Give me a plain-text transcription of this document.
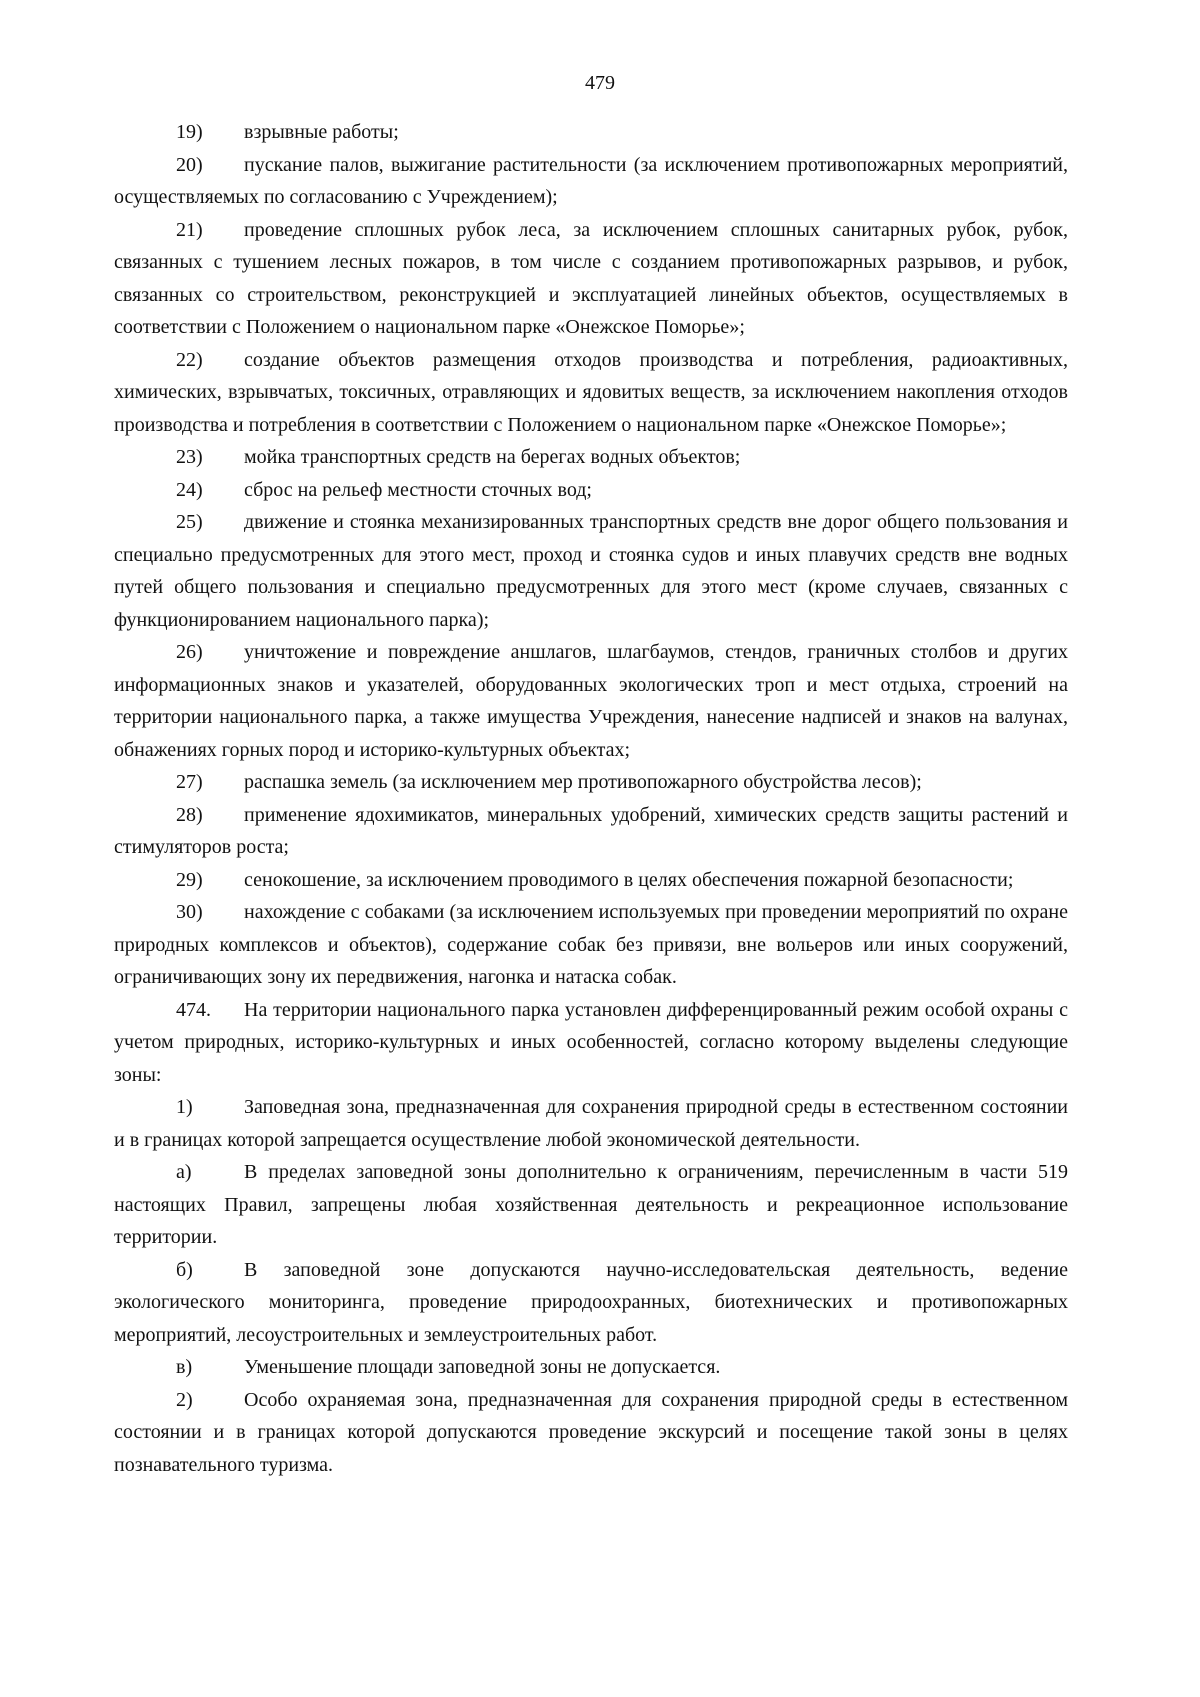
479

19) взрывные работы;

20) пускание палов, выжигание растительности (за исключением противопожарных мероприятий, осуществляемых по согласованию с Учреждением);

21) проведение сплошных рубок леса, за исключением сплошных санитарных рубок, рубок, связанных с тушением лесных пожаров, в том числе с созданием противопожарных разрывов, и рубок, связанных со строительством, реконструкцией и эксплуатацией линейных объектов, осуществляемых в соответствии с Положением о национальном парке «Онежское Поморье»;

22) создание объектов размещения отходов производства и потребления, радиоактивных, химических, взрывчатых, токсичных, отравляющих и ядовитых веществ, за исключением накопления отходов производства и потребления в соответствии с Положением о национальном парке «Онежское Поморье»;

23) мойка транспортных средств на берегах водных объектов;

24) сброс на рельеф местности сточных вод;

25) движение и стоянка механизированных транспортных средств вне дорог общего пользования и специально предусмотренных для этого мест, проход и стоянка судов и иных плавучих средств вне водных путей общего пользования и специально предусмотренных для этого мест (кроме случаев, связанных с функционированием национального парка);

26) уничтожение и повреждение аншлагов, шлагбаумов, стендов, граничных столбов и других информационных знаков и указателей, оборудованных экологических троп и мест отдыха, строений на территории национального парка, а также имущества Учреждения, нанесение надписей и знаков на валунах, обнажениях горных пород и историко-культурных объектах;

27) распашка земель (за исключением мер противопожарного обустройства лесов);

28) применение ядохимикатов, минеральных удобрений, химических средств защиты растений и стимуляторов роста;

29) сенокошение, за исключением проводимого в целях обеспечения пожарной безопасности;

30) нахождение с собаками (за исключением используемых при проведении мероприятий по охране природных комплексов и объектов), содержание собак без привязи, вне вольеров или иных сооружений, ограничивающих зону их передвижения, нагонка и натаска собак.

474. На территории национального парка установлен дифференцированный режим особой охраны с учетом природных, историко-культурных и иных особенностей, согласно которому выделены следующие зоны:

1)	Заповедная зона, предназначенная для сохранения природной среды в естественном состоянии и в границах которой запрещается осуществление любой экономической деятельности.

а)	В пределах заповедной зоны дополнительно к ограничениям, перечисленным в части 519 настоящих Правил, запрещены любая хозяйственная деятельность и рекреационное использование территории.

б)	В заповедной зоне допускаются научно-исследовательская деятельность, ведение экологического мониторинга, проведение природоохранных, биотехнических и противопожарных мероприятий, лесоустроительных и землеустроительных работ.

в)	Уменьшение площади заповедной зоны не допускается.

2)	Особо охраняемая зона, предназначенная для сохранения природной среды в естественном состоянии и в границах которой допускаются проведение экскурсий и посещение такой зоны в целях познавательного туризма.
